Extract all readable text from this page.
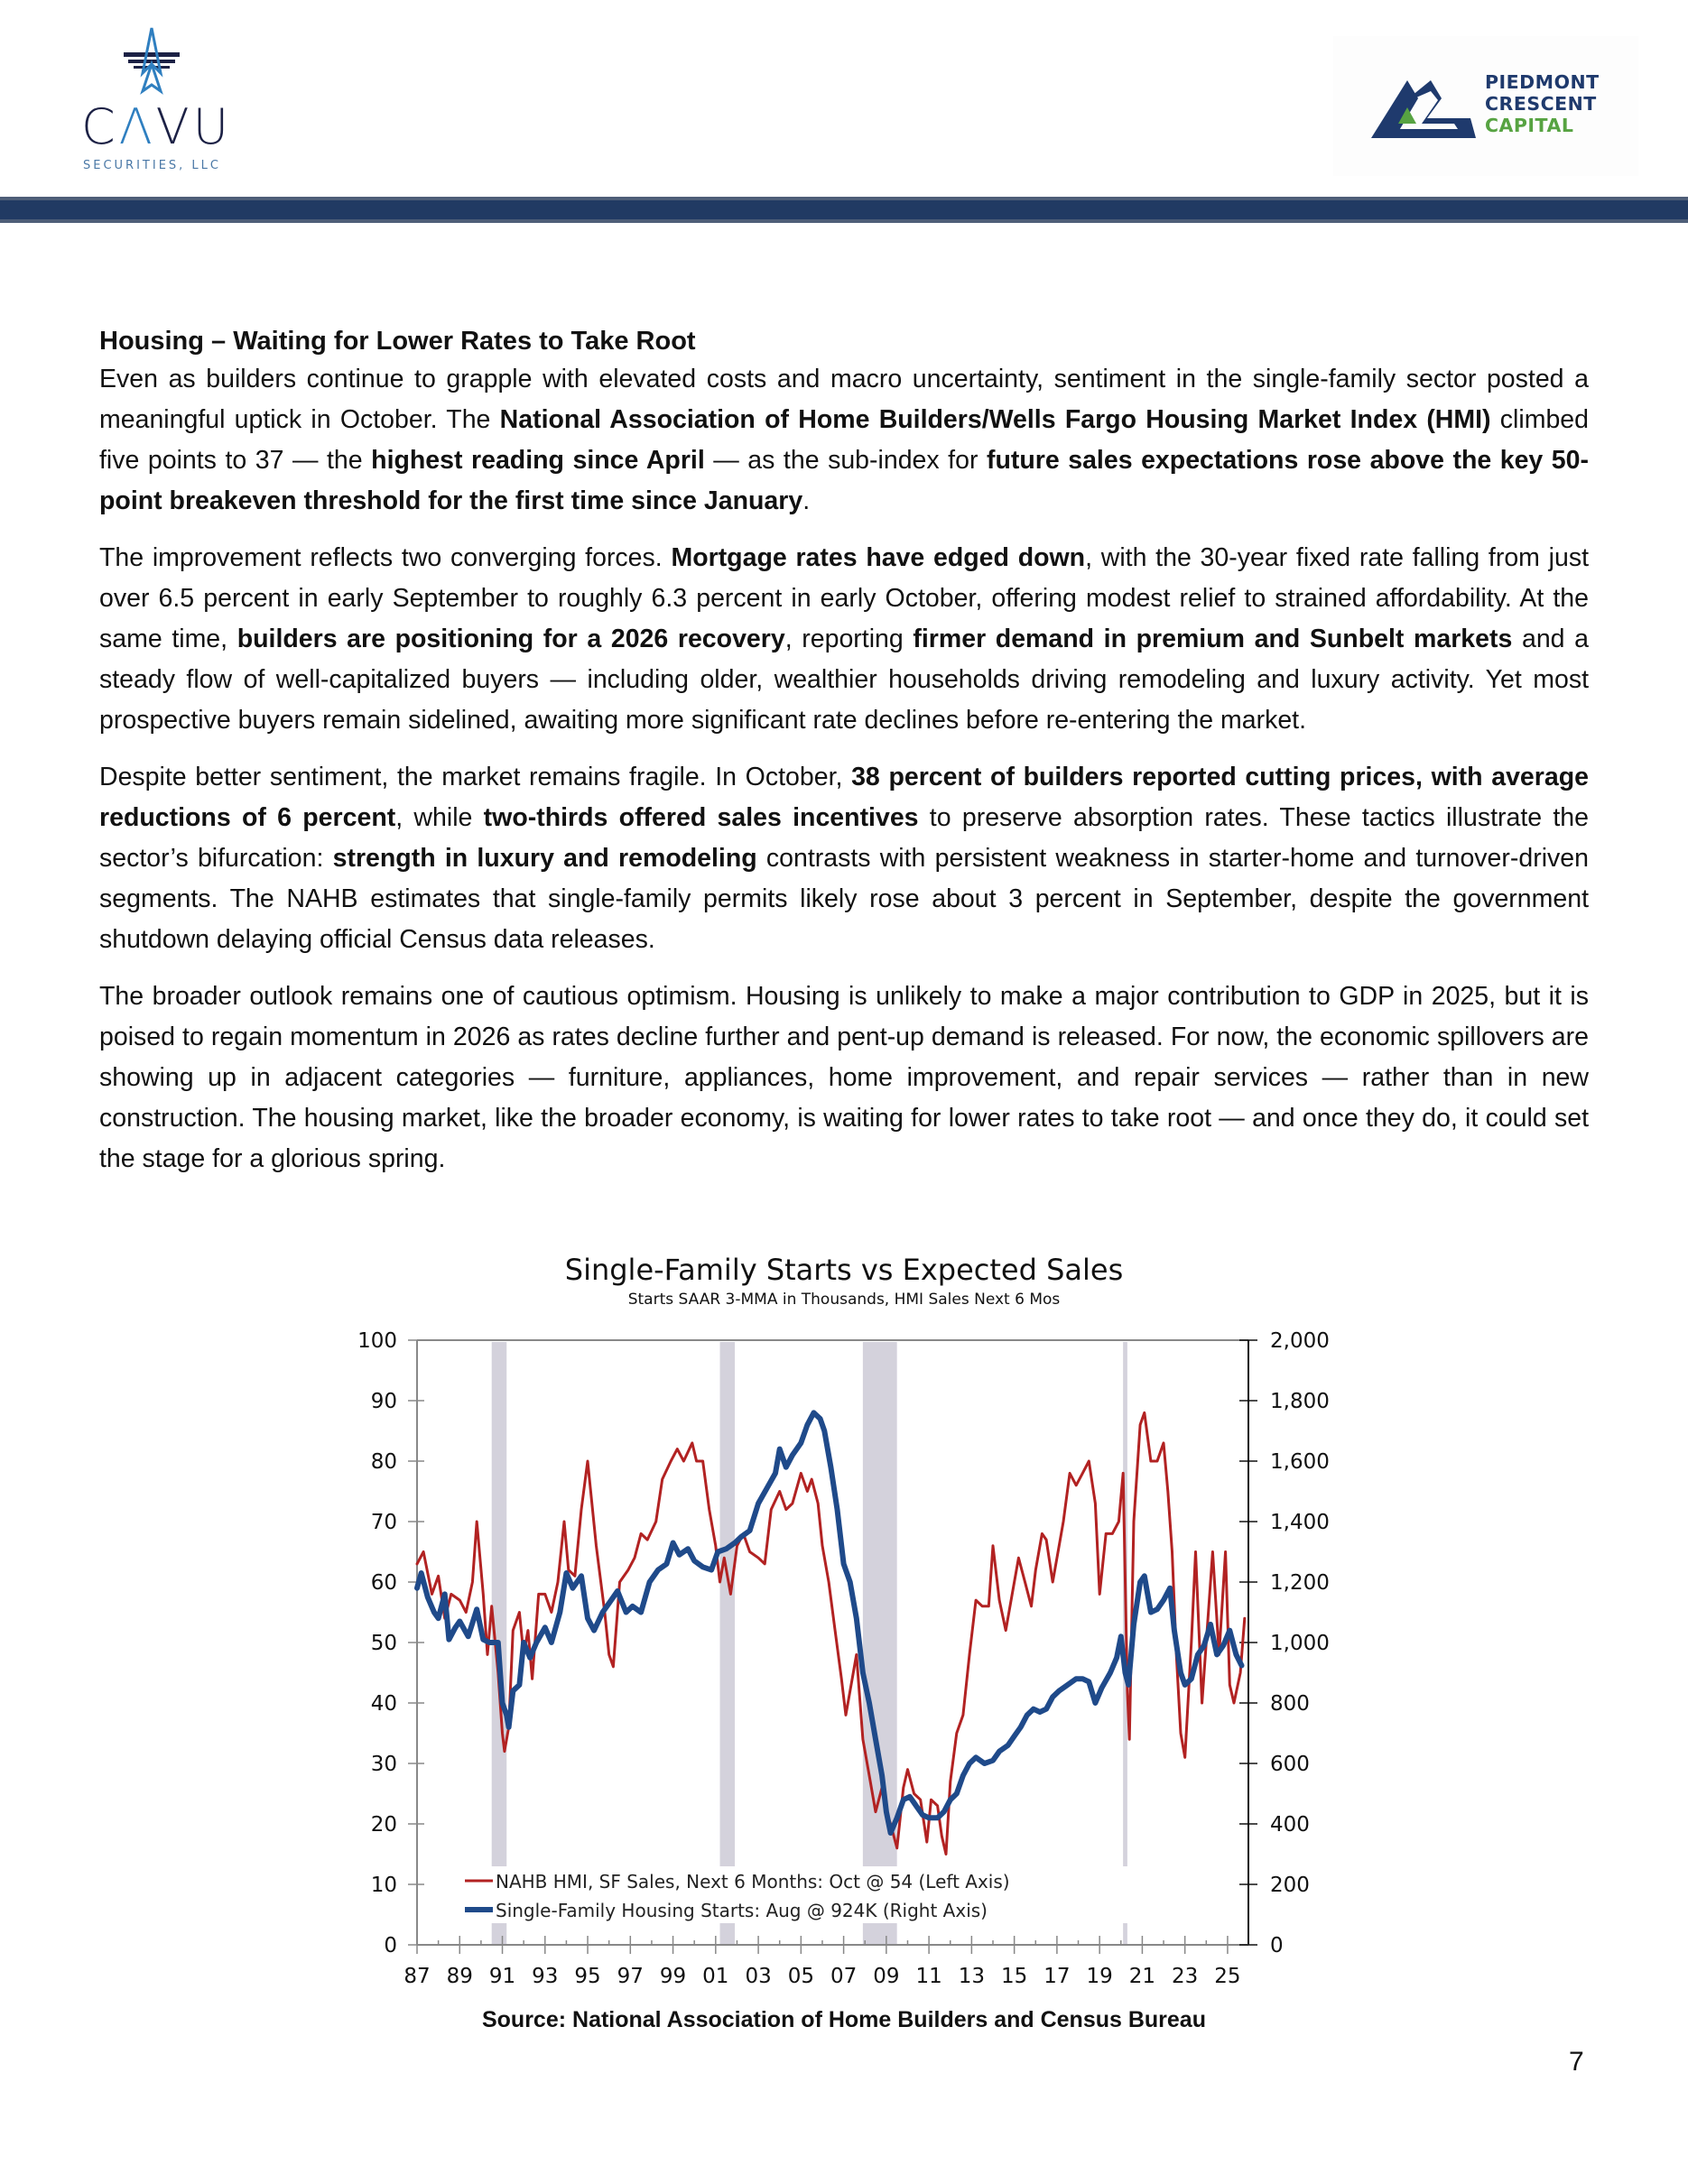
CΛVU
SECURITIES, LLC
PIEDMONT
CRESCENT
CAPITAL
Housing – Waiting for Lower Rates to Take Root

Even as builders continue to grapple with elevated costs and macro uncertainty, sentiment in the single-family sector posted a meaningful uptick in October. The National Association of Home Builders/Wells Fargo Housing Market Index (HMI) climbed five points to 37 — the highest reading since April — as the sub-index for future sales expectations rose above the key 50-point breakeven threshold for the first time since January.

The improvement reflects two converging forces. Mortgage rates have edged down, with the 30-year fixed rate falling from just over 6.5 percent in early September to roughly 6.3 percent in early October, offering modest relief to strained affordability. At the same time, builders are positioning for a 2026 recovery, reporting firmer demand in premium and Sunbelt markets and a steady flow of well-capitalized buyers — including older, wealthier households driving remodeling and luxury activity. Yet most prospective buyers remain sidelined, awaiting more significant rate declines before re-entering the market.

Despite better sentiment, the market remains fragile. In October, 38 percent of builders reported cutting prices, with average reductions of 6 percent, while two-thirds offered sales incentives to preserve absorption rates. These tactics illustrate the sector’s bifurcation: strength in luxury and remodeling contrasts with persistent weakness in starter-home and turnover-driven segments. The NAHB estimates that single-family permits likely rose about 3 percent in September, despite the government shutdown delaying official Census data releases.

The broader outlook remains one of cautious optimism. Housing is unlikely to make a major contribution to GDP in 2025, but it is poised to regain momentum in 2026 as rates decline further and pent-up demand is released. For now, the economic spillovers are showing up in adjacent categories — furniture, appliances, home improvement, and repair services — rather than in new construction. The housing market, like the broader economy, is waiting for lower rates to take root — and once they do, it could set the stage for a glorious spring.

Single-Family Starts vs Expected Sales
Starts SAAR 3-MMA in Thousands, HMI Sales Next 6 Mos
0
10
20
30
40
50
60
70
80
90
100
0
200
400
600
800
1,000
1,200
1,400
1,600
1,800
2,000
87 89 91 93 95 97 99 01 03 05 07 09 11 13 15 17 19 21 23 25
NAHB HMI, SF Sales, Next 6 Months: Oct @ 54 (Left Axis)
Single-Family Housing Starts: Aug @ 924K (Right Axis)
Source: National Association of Home Builders and Census Bureau
7
